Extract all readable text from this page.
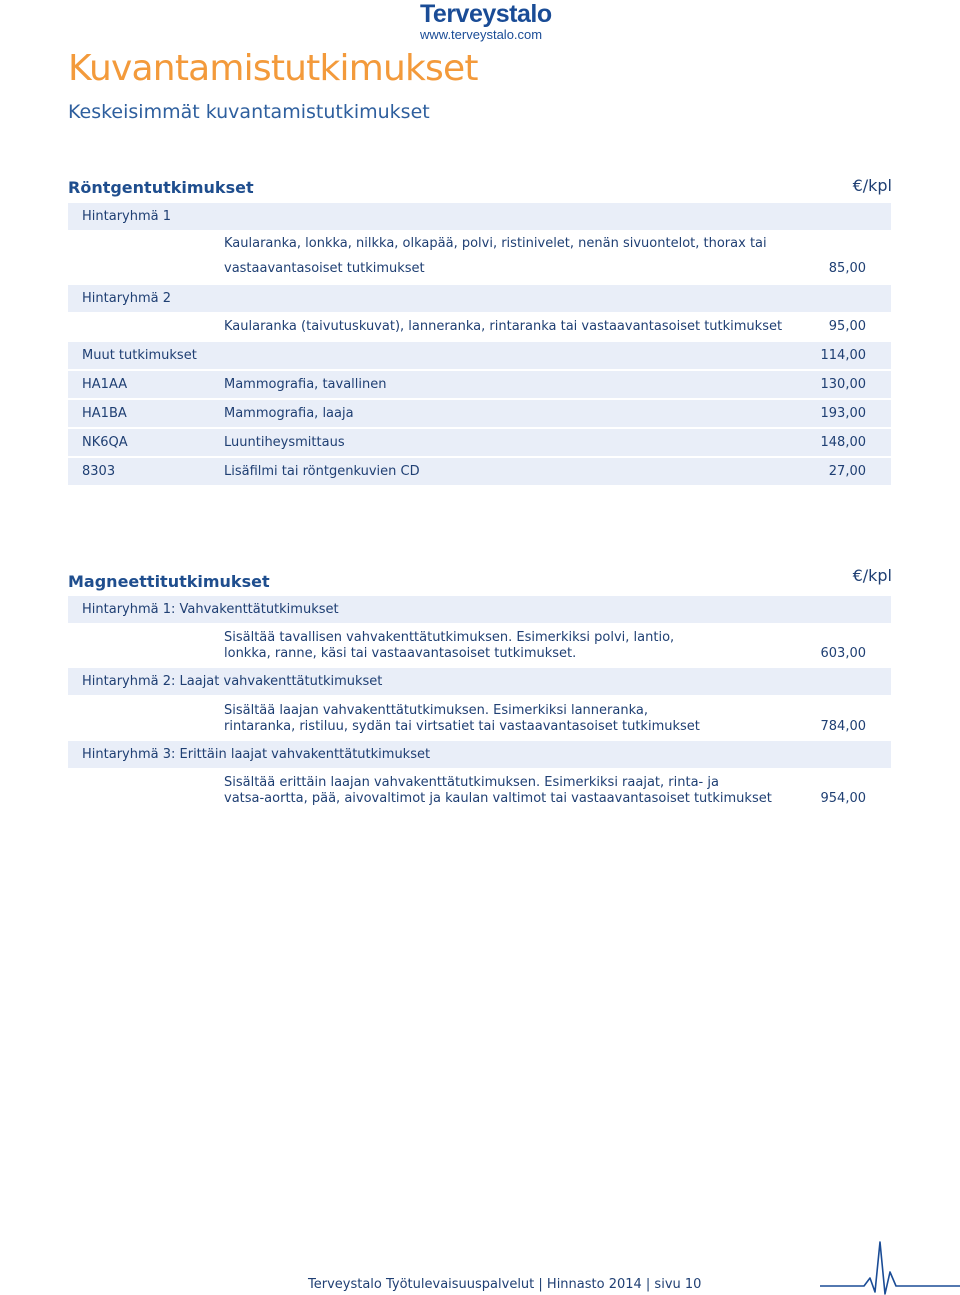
Terveystalo
www.terveystalo.com
Kuvantamistutkimukset
Keskeisimmät kuvantamistutkimukset
Röntgentutkimukset	€/kpl
Hintaryhmä 1
Kaularanka, lonkka, nilkka, olkapää, polvi, ristinivelet, nenän sivuontelot, thorax tai
vastaavantasoiset tutkimukset	85,00
Hintaryhmä 2
Kaularanka (taivutuskuvat), lanneranka, rintaranka tai vastaavantasoiset tutkimukset	95,00
Muut tutkimukset	114,00
HA1AA	Mammografia, tavallinen	130,00
HA1BA	Mammografia, laaja	193,00
NK6QA	Luuntiheysmittaus	148,00
8303	Lisäfilmi tai röntgenkuvien CD	27,00
Magneettitutkimukset	€/kpl
Hintaryhmä 1: Vahvakenttätutkimukset
Sisältää tavallisen vahvakenttätutkimuksen. Esimerkiksi polvi, lantio,
lonkka, ranne, käsi tai vastaavantasoiset tutkimukset.	603,00
Hintaryhmä 2: Laajat vahvakenttätutkimukset
Sisältää laajan vahvakenttätutkimuksen. Esimerkiksi lanneranka,
rintaranka, ristiluu, sydän tai virtsatiet tai vastaavantasoiset tutkimukset	784,00
Hintaryhmä 3: Erittäin laajat vahvakenttätutkimukset
Sisältää erittäin laajan vahvakenttätutkimuksen. Esimerkiksi raajat, rinta- ja
vatsa-aortta, pää, aivovaltimot ja kaulan valtimot tai vastaavantasoiset tutkimukset	954,00
Terveystalo Työtulevaisuuspalvelut | Hinnasto 2014 | sivu 10
